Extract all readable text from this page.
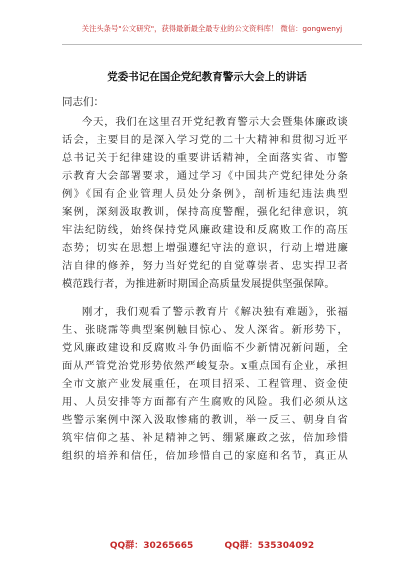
关注头条号"公文研究"，获得最新最全最专业的公文资料库！ 微信：gongwenyj
党委书记在国企党纪教育警示大会上的讲话
同志们：
今天，我们在这里召开党纪教育警示大会暨集体廉政谈
话会，主要目的是深入学习党的二十大精神和贯彻习近平
总书记关于纪律建设的重要讲话精神，全面落实省、市警
示教育大会部署要求，通过学习《中国共产党纪律处分条
例》《国有企业管理人员处分条例》，剖析违纪违法典型
案例，深刻汲取教训，保持高度警醒，强化纪律意识，筑
牢法纪防线，始终保持党风廉政建设和反腐败工作的高压
态势；切实在思想上增强遵纪守法的意识，行动上增进廉
洁自律的修养，努力当好党纪的自觉尊崇者、忠实捍卫者
模范践行者，为推进新时期国企高质量发展提供坚强保障。
刚才，我们观看了警示教育片《解决独有难题》，张福
生、张晓霈等典型案例触目惊心、发人深省。新形势下，
党风廉政建设和反腐败斗争仍面临不少新情况新问题，全
面从严管党治党形势依然严峻复杂。x重点国有企业，承担
全市文旅产业发展重任，在项目招采、工程管理、资金使
用、人员安排等方面都有产生腐败的风险。我们必须从这
些警示案例中深入汲取惨痛的教训，举一反三、朝身自省
筑牢信仰之基、补足精神之钙、绷紧廉政之弦，倍加珍惜
组织的培养和信任，倍加珍惜自己的家庭和名节，真正从
QQ群：30265665	QQ群：535304092
